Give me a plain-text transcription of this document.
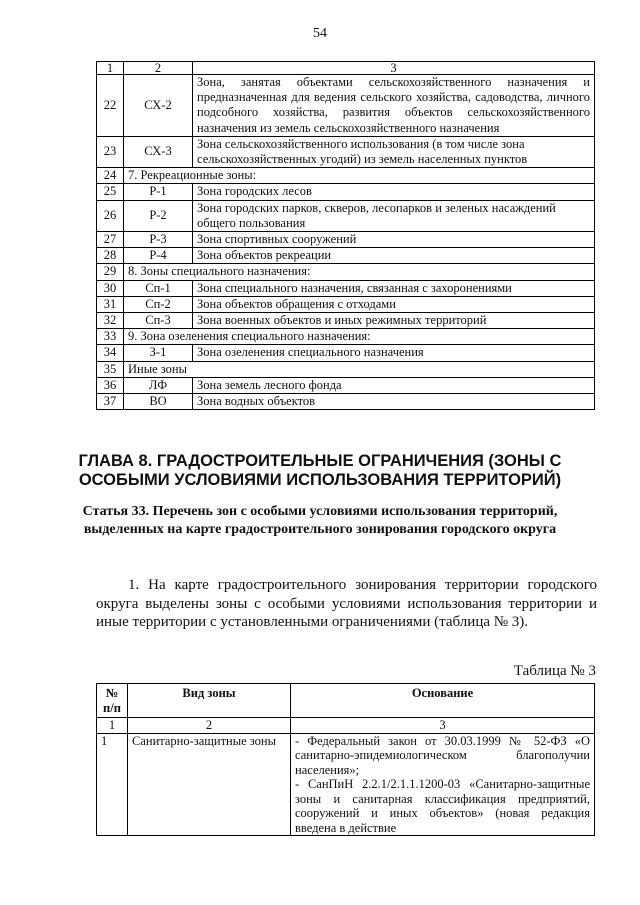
54
1	2	3
22	СХ-2	Зона, занятая объектами сельскохозяйственного назначения и предназначенная для ведения сельского хозяйства, садоводства, личного подсобного хозяйства, развития объектов сельскохозяйственного назначения из земель сельскохозяйственного назначения
23	СХ-3	Зона сельскохозяйственного использования (в том числе зона сельскохозяйственных угодий) из земель населенных пунктов
24	7. Рекреационные зоны:	
25	Р-1	Зона городских лесов
26	Р-2	Зона городских парков, скверов, лесопарков и зеленых насаждений общего пользования
27	Р-3	Зона спортивных сооружений
28	Р-4	Зона объектов рекреации
29	8. Зоны специального назначения:	
30	Сп-1	Зона специального назначения, связанная с захоронениями
31	Сп-2	Зона объектов обращения с отходами
32	Сп-3	Зона военных объектов и иных режимных территорий
33	9. Зона озеленения специального назначения:	
34	З-1	Зона озеленения специального назначения
35	Иные зоны	
36	ЛФ	Зона земель лесного фонда
37	ВО	Зона водных объектов
ГЛАВА 8. ГРАДОСТРОИТЕЛЬНЫЕ ОГРАНИЧЕНИЯ (ЗОНЫ С ОСОБЫМИ УСЛОВИЯМИ ИСПОЛЬЗОВАНИЯ ТЕРРИТОРИЙ)
Статья 33. Перечень зон с особыми условиями использования территорий, выделенных на карте градостроительного зонирования городского округа
1. На карте градостроительного зонирования территории городского округа выделены зоны с особыми условиями использования территории и иные территории с установленными ограничениями (таблица № 3).
Таблица № 3
№ п/п	Вид зоны	Основание
1	2	3
1	Санитарно-защитные зоны	- Федеральный закон от 30.03.1999 № 52-ФЗ «О санитарно-эпидемиологическом благополучии населения»;

- СанПиН 2.2.1/2.1.1.1200-03 «Санитарно-защитные зоны и санитарная классификация предприятий, сооружений и иных объектов» (новая редакция введена в действие
